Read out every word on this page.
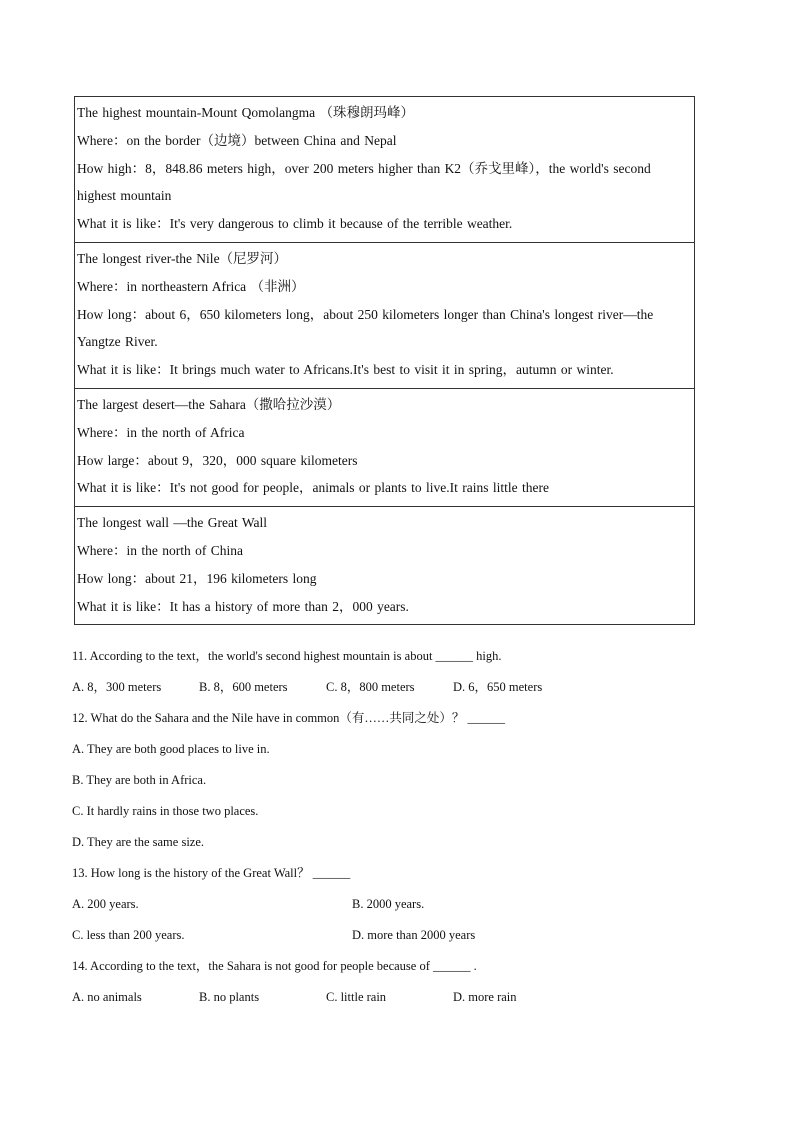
The highest mountain-Mount Qomolangma （珠穆朗玛峰）
Where：on the border（边境）between China and Nepal
How high：8，848.86 meters high，over 200 meters higher than K2（乔戈里峰），the world's second highest mountain
What it is like：It's very dangerous to climb it because of the terrible weather.

The longest river-the Nile（尼罗河）
Where：in northeastern Africa （非洲）
How long：about 6，650 kilometers long，about 250 kilometers longer than China's longest river—the Yangtze River.
What it is like：It brings much water to Africans.It's best to visit it in spring，autumn or winter.

The largest desert—the Sahara（撒哈拉沙漠）
Where：in the north of Africa
How large：about 9，320，000 square kilometers
What it is like：It's not good for people，animals or plants to live.It rains little there

The longest wall —the Great Wall
Where：in the north of China
How long：about 21，196 kilometers long
What it is like：It has a history of more than 2，000 years.
11. According to the text，the world's second highest mountain is about ______ high.
A. 8，300 meters	B. 8，600 meters	C. 8，800 meters	D. 6，650 meters
12. What do the Sahara and the Nile have in common（有……共同之处）？ ______
A. They are both good places to live in.
B. They are both in Africa.
C. It hardly rains in those two places.
D. They are the same size.
13. How long is the history of the Great Wall？ ______
A. 200 years.	B. 2000 years.
C. less than 200 years.	D. more than 2000 years
14. According to the text，the Sahara is not good for people because of ______ .
A. no animals	B. no plants	C. little rain	D. more rain
